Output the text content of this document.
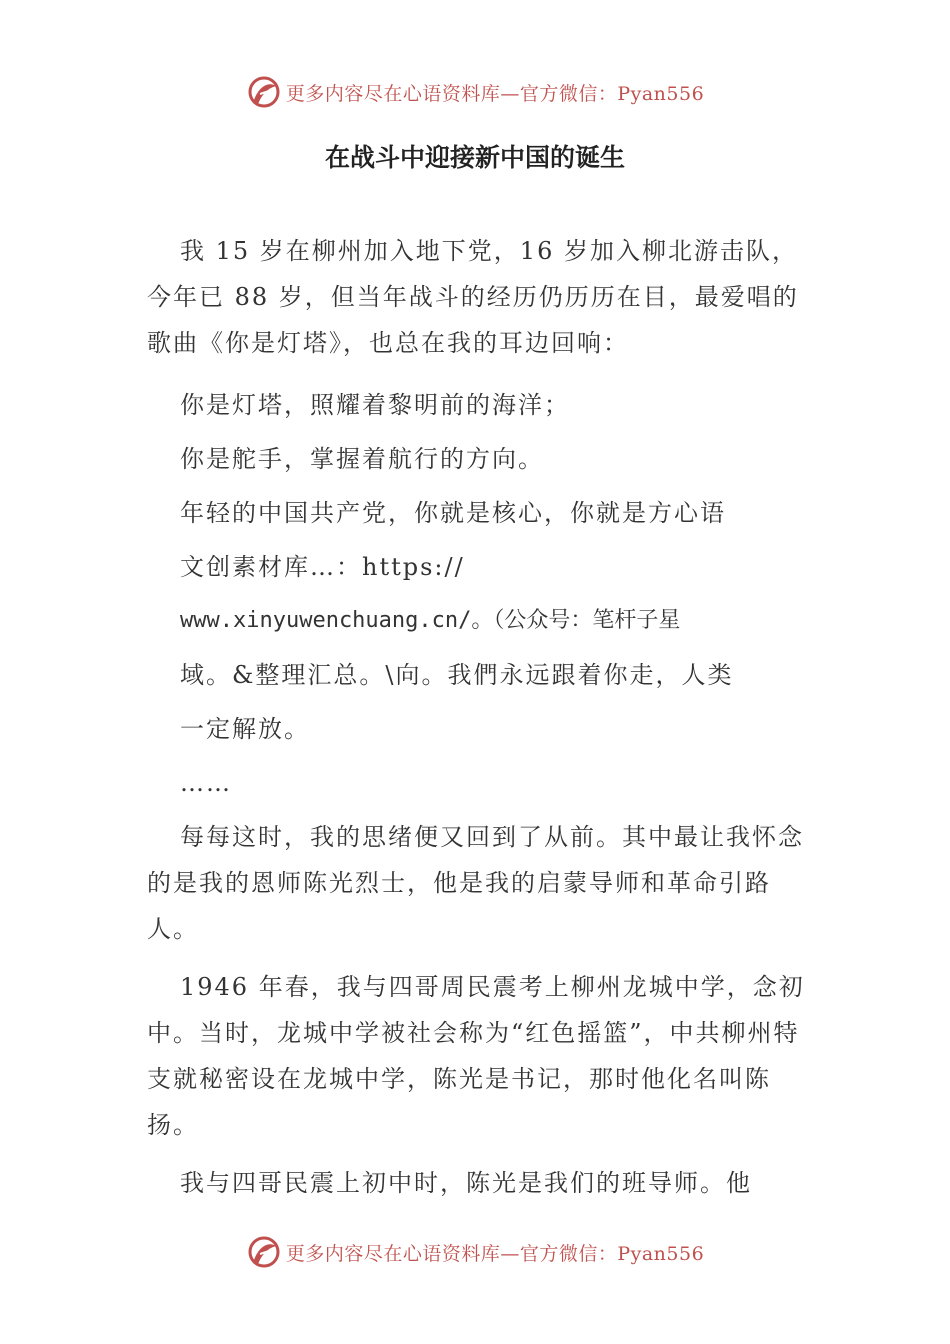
更多内容尽在心语资料库—官方微信：Pyan556
在战斗中迎接新中国的诞生

我 15 岁在柳州加入地下党，16 岁加入柳北游击队，今年已 88 岁，但当年战斗的经历仍历历在目，最爱唱的歌曲《你是灯塔》，也总在我的耳边回响：

你是灯塔，照耀着黎明前的海洋；
你是舵手，掌握着航行的方向。
年轻的中国共产党，你就是核心，你就是方心语
文创素材库…：https://
www.xinyuwenchuang.cn/。（公众号：笔杆子星
域。&整理汇总。\向。我們永远跟着你走，人类
一定解放。
……

每每这时，我的思绪便又回到了从前。其中最让我怀念的是我的恩师陈光烈士，他是我的启蒙导师和革命引路人。

1946 年春，我与四哥周民震考上柳州龙城中学，念初中。当时，龙城中学被社会称为“红色摇篮”，中共柳州特支就秘密设在龙城中学，陈光是书记，那时他化名叫陈扬。

我与四哥民震上初中时，陈光是我们的班导师。他

更多内容尽在心语资料库—官方微信：Pyan556
